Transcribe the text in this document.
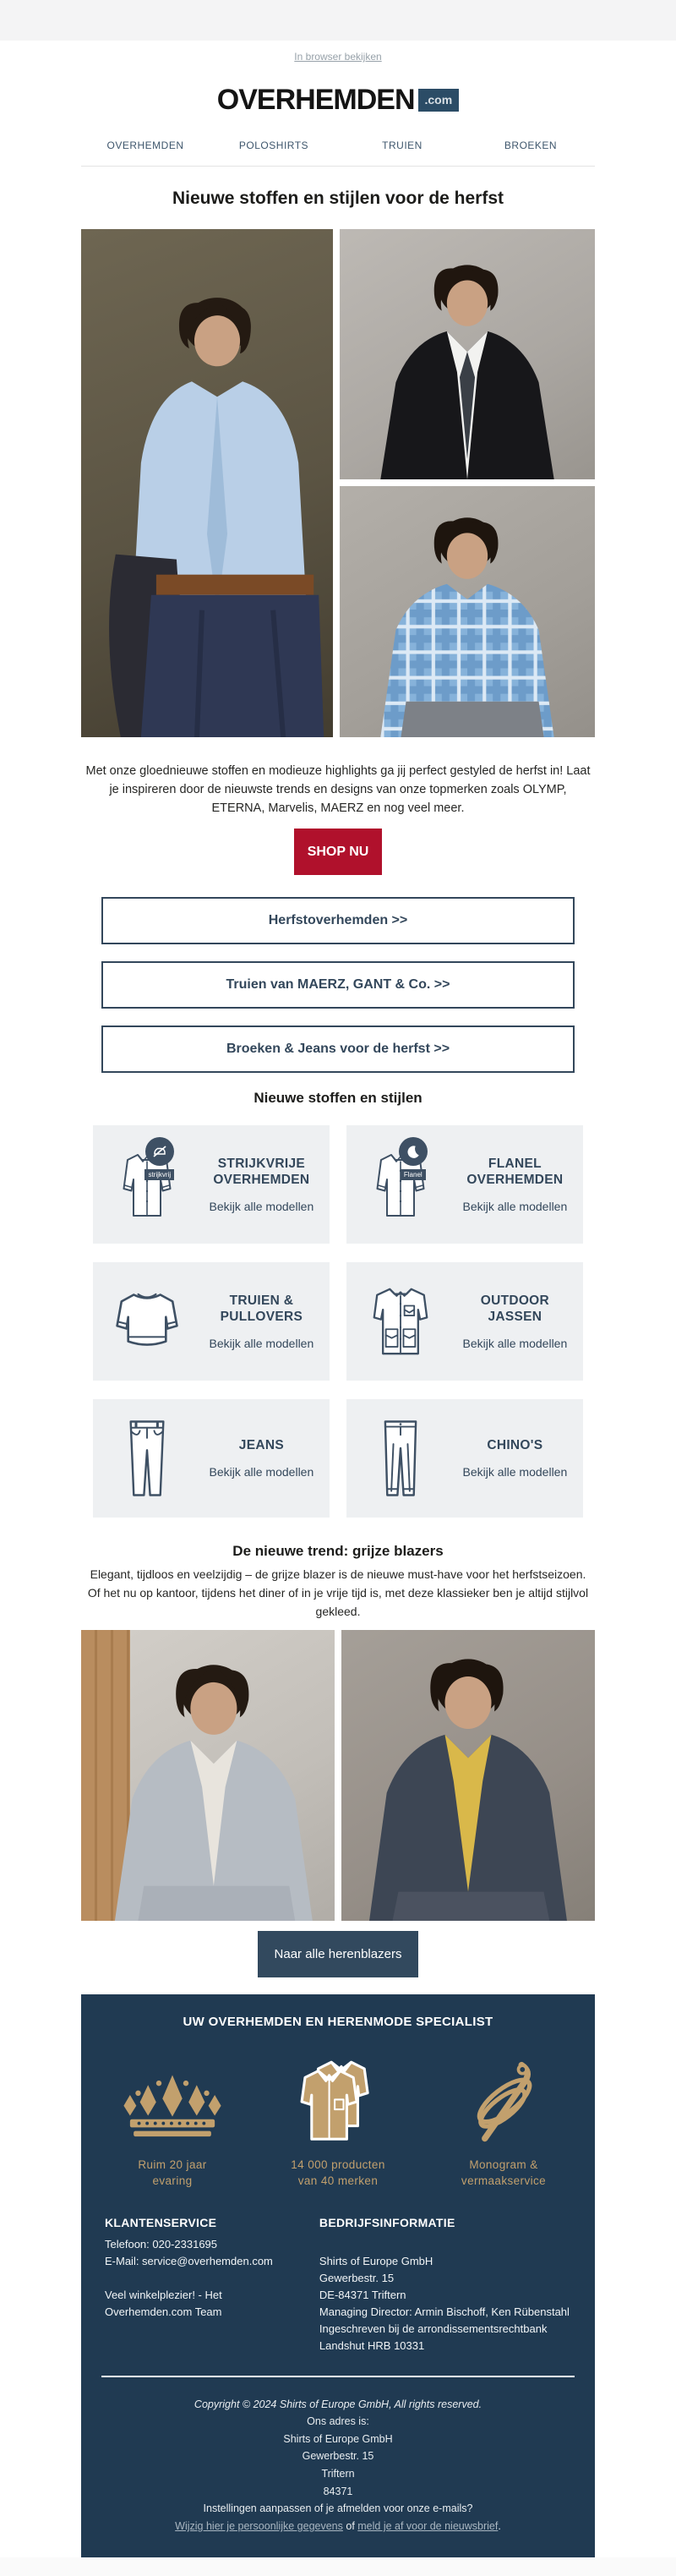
In browser bekijken
OVERHEMDEN .com
OVERHEMDEN	POLOSHIRTS	TRUIEN	BROEKEN
Nieuwe stoffen en stijlen voor de herfst

Met onze gloednieuwe stoffen en modieuze highlights ga jij perfect gestyled de herfst in! Laat je inspireren door de nieuwste trends en designs van onze topmerken zoals OLYMP, ETERNA, Marvelis, MAERZ en nog veel meer.

SHOP NU
Herfstoverhemden >>
Truien van MAERZ, GANT & Co. >>
Broeken & Jeans voor de herfst >>
Nieuwe stoffen en stijlen
strijkvrij
STRIJKVRIJE OVERHEMDEN
Bekijk alle modellen
Flanel
FLANEL OVERHEMDEN
Bekijk alle modellen
TRUIEN & PULLOVERS
Bekijk alle modellen
OUTDOOR JASSEN
Bekijk alle modellen
JEANS
Bekijk alle modellen
CHINO'S
Bekijk alle modellen
De nieuwe trend: grijze blazers

Elegant, tijdloos en veelzijdig – de grijze blazer is de nieuwe must-have voor het herfstseizoen. Of het nu op kantoor, tijdens het diner of in je vrije tijd is, met deze klassieker ben je altijd stijlvol gekleed.

Naar alle herenblazers
UW OVERHEMDEN EN HERENMODE SPECIALIST
Ruim 20 jaar
evaring
14 000 producten
van 40 merken
Monogram &
vermaakservice
KLANTENSERVICE
Telefoon: 020-2331695
E-Mail: service@overhemden.com
Veel winkelplezier! - Het
Overhemden.com Team
BEDRIJFSINFORMATIE
Shirts of Europe GmbH
Gewerbestr. 15
DE-84371 Triftern
Managing Director: Armin Bischoff, Ken Rübenstahl
Ingeschreven bij de arrondissementsrechtbank Landshut HRB 10331
Copyright © 2024 Shirts of Europe GmbH, All rights reserved.
Ons adres is:
Shirts of Europe GmbH
Gewerbestr. 15
Triftern
84371
Instellingen aanpassen of je afmelden voor onze e-mails?
Wijzig hier je persoonlijke gegevens of meld je af voor de nieuwsbrief.
